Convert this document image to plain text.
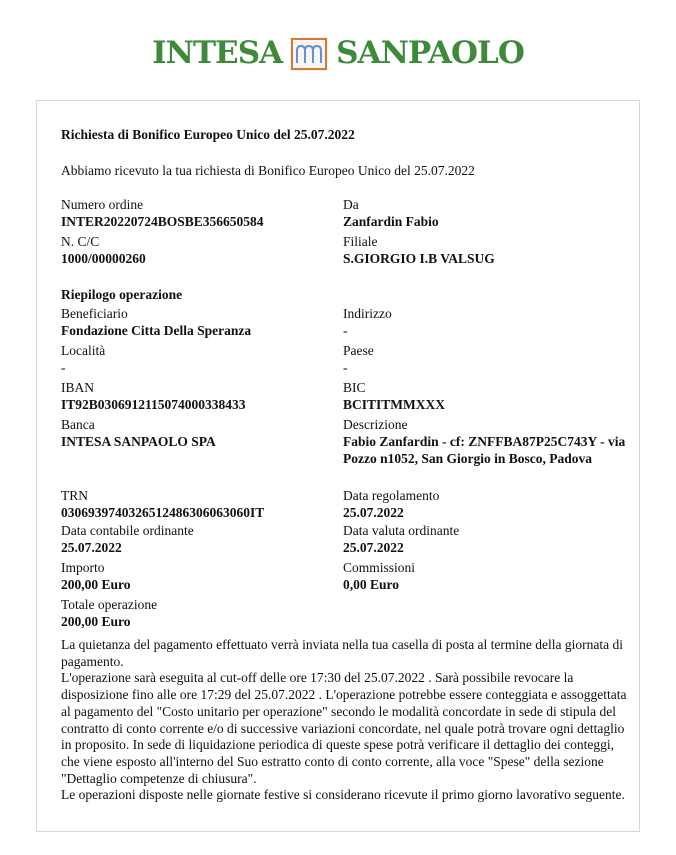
INTESA SANPAOLO
Richiesta di Bonifico Europeo Unico del 25.07.2022
Abbiamo ricevuto la tua richiesta di Bonifico Europeo Unico del 25.07.2022
Numero ordine
INTER20220724BOSBE356650584
Da
Zanfardin Fabio
N. C/C
1000/00000260
Filiale
S.GIORGIO I.B VALSUG
Riepilogo operazione
Beneficiario
Fondazione Citta Della Speranza
Indirizzo
-
Località
-
Paese
-
IBAN
IT92B0306912115074000338433
BIC
BCITITMMXXX
Banca
INTESA SANPAOLO SPA
Descrizione
Fabio Zanfardin - cf: ZNFFBA87P25C743Y - via Pozzo n1052, San Giorgio in Bosco, Padova
TRN
0306939740326512486306063060IT
Data regolamento
25.07.2022
Data contabile ordinante
25.07.2022
Data valuta ordinante
25.07.2022
Importo
200,00 Euro
Commissioni
0,00 Euro
Totale operazione
200,00 Euro

La quietanza del pagamento effettuato verrà inviata nella tua casella di posta al termine della giornata di pagamento.

L'operazione sarà eseguita al cut-off delle ore 17:30 del 25.07.2022 . Sarà possibile revocare la disposizione fino alle ore 17:29 del 25.07.2022 . L'operazione potrebbe essere conteggiata e assoggettata al pagamento del "Costo unitario per operazione" secondo le modalità concordate in sede di stipula del contratto di conto corrente e/o di successive variazioni concordate, nel quale potrà trovare ogni dettaglio in proposito. In sede di liquidazione periodica di queste spese potrà verificare il dettaglio dei conteggi, che viene esposto all'interno del Suo estratto conto di conto corrente, alla voce "Spese" della sezione "Dettaglio competenze di chiusura".

Le operazioni disposte nelle giornate festive si considerano ricevute il primo giorno lavorativo seguente.
